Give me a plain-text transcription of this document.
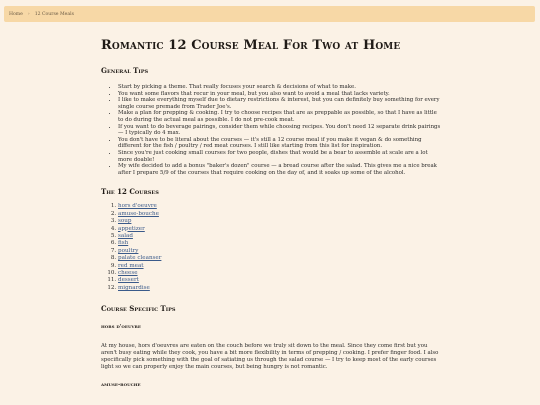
Home › 12 Course Meals
Romantic 12 Course Meal For Two at Home
General Tips
• Start by picking a theme. That really focuses your search & decisions of what to make.
• You want some flavors that recur in your meal, but you also want to avoid a meal that lacks variety.
• I like to make everything myself due to dietary restrictions & interest, but you can definitely buy something for every single course premade from Trader Joe's.
• Make a plan for prepping & cooking. I try to choose recipes that are as preppable as possible, so that I have as little to do during the actual meal as possible. I do not pre-cook meat.
• If you want to do beverage pairings, consider them while choosing recipes. You don't need 12 separate drink pairings — I typically do 4 max.
• You don't have to be literal about the courses — it's still a 12 course meal if you make it vegan & do something different for the fish / poultry / red meat courses. I still like starting from this list for inspiration.
• Since you're just cooking small courses for two people, dishes that would be a bear to assemble at scale are a lot more doable!
• My wife decided to add a bonus "baker's dozen" course — a bread course after the salad. This gives me a nice break after I prepare 5/9 of the courses that require cooking on the day of, and it soaks up some of the alcohol.
The 12 Courses
1. hors d'oeuvre
2. amuse-bouche
3. soup
4. appetizer
5. salad
6. fish
7. poultry
8. palate cleanser
9. red meat
10. cheese
11. dessert
12. mignardise
Course Specific Tips
hors d'oeuvre

At my house, hors d'oeuvres are eaten on the couch before we truly sit down to the meal. Since they come first but you aren't busy eating while they cook, you have a bit more flexibility in terms of prepping / cooking. I prefer finger food. I also specifically pick something with the goal of satiating us through the salad course — I try to keep most of the early courses light so we can properly enjoy the main courses, but being hungry is not romantic.

amuse-bouche
